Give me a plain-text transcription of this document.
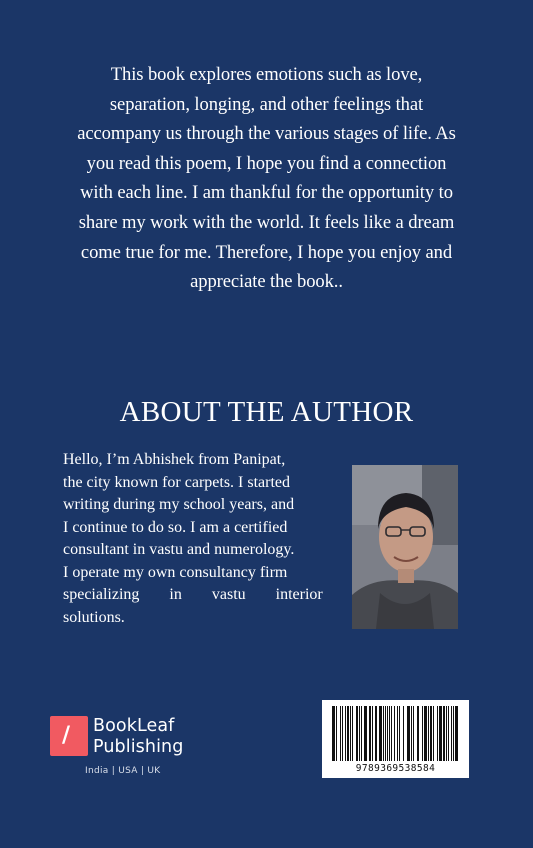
This book explores emotions such as love,
separation, longing, and other feelings that
accompany us through the various stages of life. As
you read this poem, I hope you find a connection
with each line. I am thankful for the opportunity to
share my work with the world. It feels like a dream
come true for me. Therefore, I hope you enjoy and
appreciate the book..
ABOUT THE AUTHOR
Hello, I’m Abhishek from Panipat,
the city known for carpets. I started
writing during my school years, and
I continue to do so. I am a certified
consultant in vastu and numerology.
I operate my own consultancy firm
specializing in vastu interior
solutions.
/ BookLeaf
Publishing
India | USA | UK	9789369538584
